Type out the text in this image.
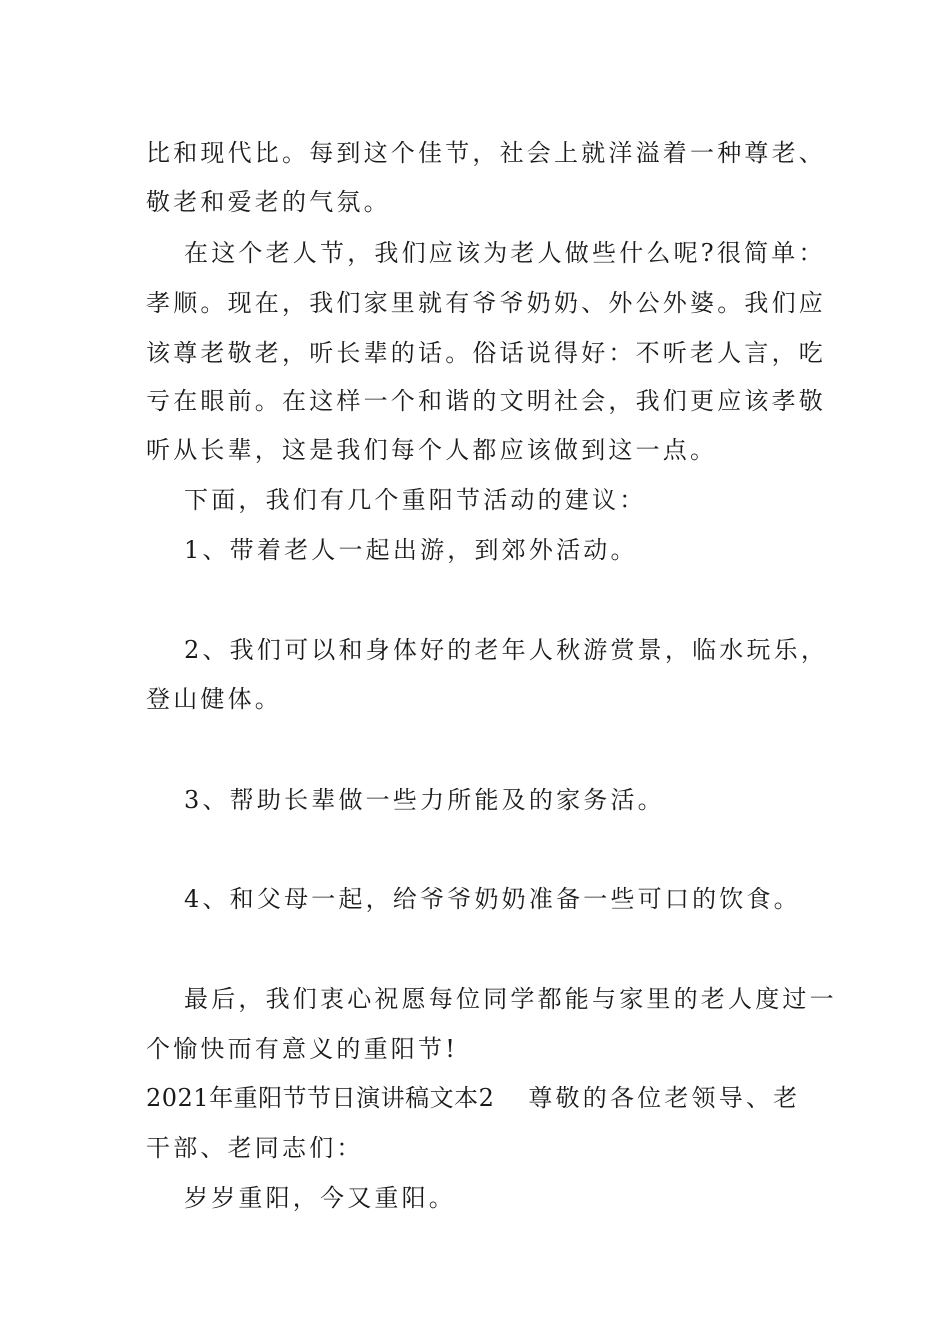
比和现代比。每到这个佳节，社会上就洋溢着一种尊老、
敬老和爱老的气氛。
在这个老人节，我们应该为老人做些什么呢?很简单：
孝顺。现在，我们家里就有爷爷奶奶、外公外婆。我们应
该尊老敬老，听长辈的话。俗话说得好：不听老人言，吃
亏在眼前。在这样一个和谐的文明社会，我们更应该孝敬
听从长辈，这是我们每个人都应该做到这一点。
下面，我们有几个重阳节活动的建议：
1、带着老人一起出游，到郊外活动。
2、我们可以和身体好的老年人秋游赏景，临水玩乐，
登山健体。
3、帮助长辈做一些力所能及的家务活。
4、和父母一起，给爷爷奶奶准备一些可口的饮食。
最后，我们衷心祝愿每位同学都能与家里的老人度过一
个愉快而有意义的重阳节!
2021年重阳节节日演讲稿文本2 尊敬的各位老领导、老
干部、老同志们：
岁岁重阳，今又重阳。
